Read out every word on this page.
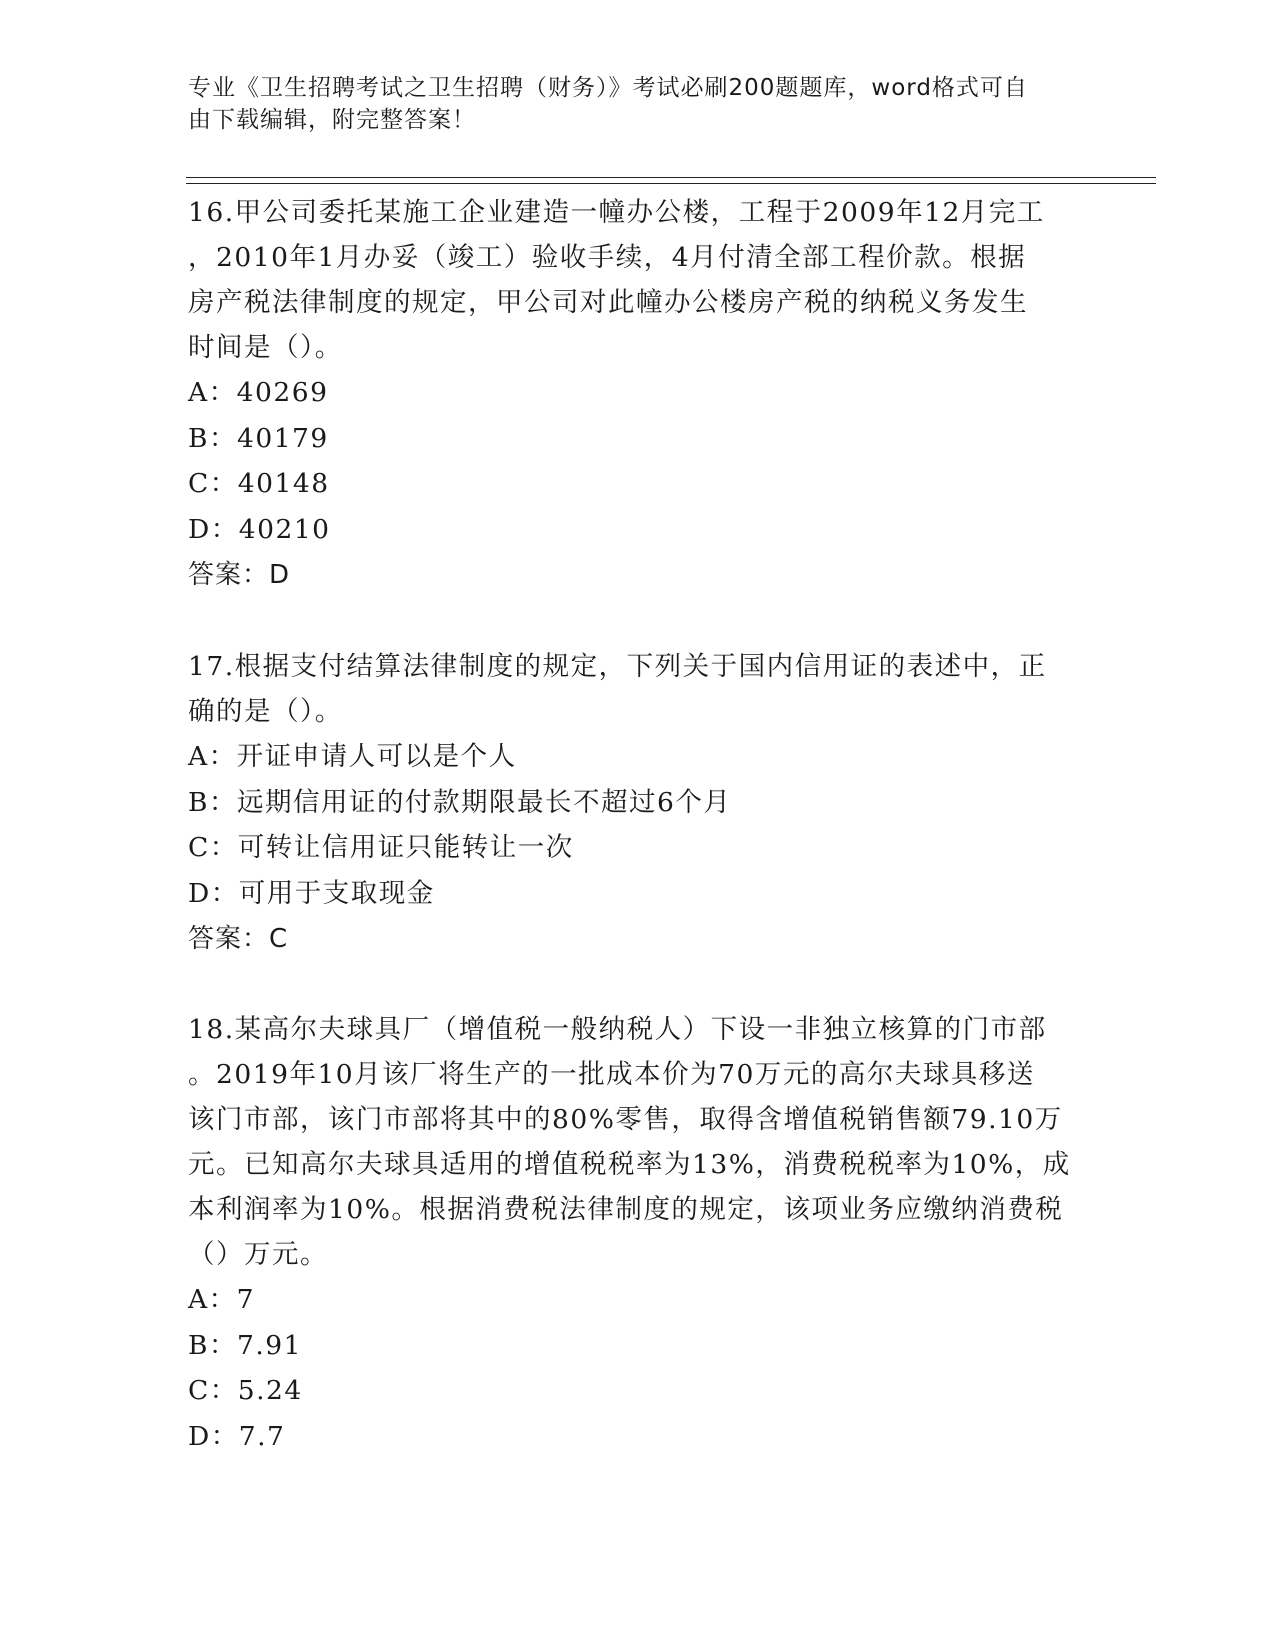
专业《卫生招聘考试之卫生招聘（财务）》考试必刷200题题库，word格式可自

由下载编辑，附完整答案！

16.甲公司委托某施工企业建造一幢办公楼，工程于2009年12月完工
，2010年1月办妥（竣工）验收手续，4月付清全部工程价款。根据
房产税法律制度的规定，甲公司对此幢办公楼房产税的纳税义务发生
时间是（）。

A：40269

B：40179

C：40148

D：40210

答案：D

17.根据支付结算法律制度的规定，下列关于国内信用证的表述中，正
确的是（）。

A：开证申请人可以是个人

B：远期信用证的付款期限最长不超过6个月

C：可转让信用证只能转让一次

D：可用于支取现金

答案：C

18.某高尔夫球具厂（增值税一般纳税人）下设一非独立核算的门市部
。2019年10月该厂将生产的一批成本价为70万元的高尔夫球具移送
该门市部，该门市部将其中的80%零售，取得含增值税销售额79.10万
元。已知高尔夫球具适用的增值税税率为13%，消费税税率为10%，成
本利润率为10%。根据消费税法律制度的规定，该项业务应缴纳消费税
（）万元。

A：7

B：7.91

C：5.24

D：7.7
